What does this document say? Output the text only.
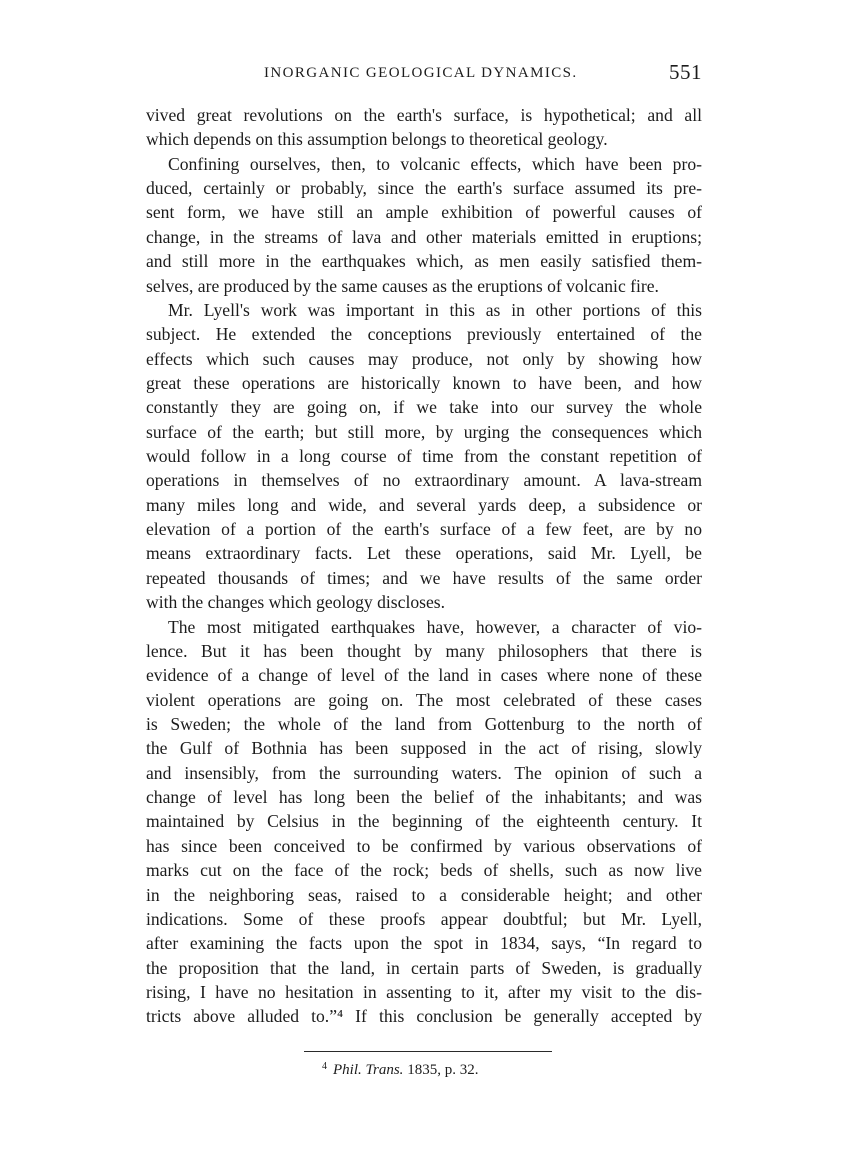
INORGANIC GEOLOGICAL DYNAMICS.	551
vived great revolutions on the earth's surface, is hypothetical; and all
which depends on this assumption belongs to theoretical geology.
Confining ourselves, then, to volcanic effects, which have been pro-
duced, certainly or probably, since the earth's surface assumed its pre-
sent form, we have still an ample exhibition of powerful causes of
change, in the streams of lava and other materials emitted in eruptions;
and still more in the earthquakes which, as men easily satisfied them-
selves, are produced by the same causes as the eruptions of volcanic fire.
Mr. Lyell's work was important in this as in other portions of this
subject. He extended the conceptions previously entertained of the
effects which such causes may produce, not only by showing how
great these operations are historically known to have been, and how
constantly they are going on, if we take into our survey the whole
surface of the earth; but still more, by urging the consequences which
would follow in a long course of time from the constant repetition of
operations in themselves of no extraordinary amount. A lava-stream
many miles long and wide, and several yards deep, a subsidence or
elevation of a portion of the earth's surface of a few feet, are by no
means extraordinary facts. Let these operations, said Mr. Lyell, be
repeated thousands of times; and we have results of the same order
with the changes which geology discloses.
The most mitigated earthquakes have, however, a character of vio-
lence. But it has been thought by many philosophers that there is
evidence of a change of level of the land in cases where none of these
violent operations are going on. The most celebrated of these cases
is Sweden; the whole of the land from Gottenburg to the north of
the Gulf of Bothnia has been supposed in the act of rising, slowly
and insensibly, from the surrounding waters. The opinion of such a
change of level has long been the belief of the inhabitants; and was
maintained by Celsius in the beginning of the eighteenth century. It
has since been conceived to be confirmed by various observations of
marks cut on the face of the rock; beds of shells, such as now live
in the neighboring seas, raised to a considerable height; and other
indications. Some of these proofs appear doubtful; but Mr. Lyell,
after examining the facts upon the spot in 1834, says, “In regard to
the proposition that the land, in certain parts of Sweden, is gradually
rising, I have no hesitation in assenting to it, after my visit to the dis-
tricts above alluded to.”⁴ If this conclusion be generally accepted by
$^4$ Phil. Trans. 1835, p. 32.
